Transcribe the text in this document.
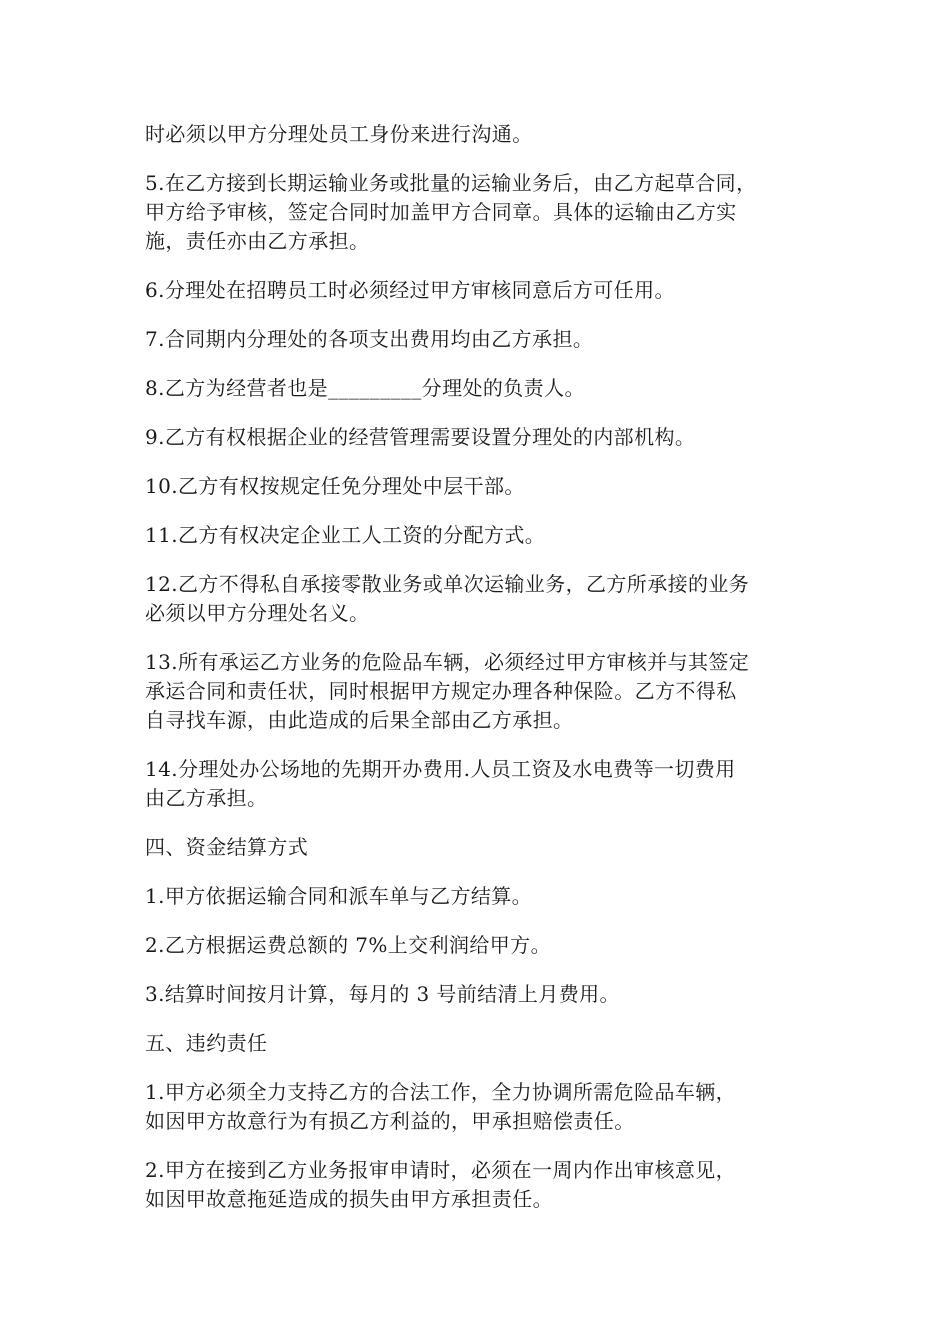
时必须以甲方分理处员工身份来进行沟通。

5.在乙方接到长期运输业务或批量的运输业务后，由乙方起草合同，
甲方给予审核，签定合同时加盖甲方合同章。具体的运输由乙方实
施，责任亦由乙方承担。

6.分理处在招聘员工时必须经过甲方审核同意后方可任用。

7.合同期内分理处的各项支出费用均由乙方承担。

8.乙方为经营者也是_________分理处的负责人。

9.乙方有权根据企业的经营管理需要设置分理处的内部机构。

10.乙方有权按规定任免分理处中层干部。

11.乙方有权决定企业工人工资的分配方式。

12.乙方不得私自承接零散业务或单次运输业务，乙方所承接的业务
必须以甲方分理处名义。

13.所有承运乙方业务的危险品车辆，必须经过甲方审核并与其签定
承运合同和责任状，同时根据甲方规定办理各种保险。乙方不得私
自寻找车源，由此造成的后果全部由乙方承担。

14.分理处办公场地的先期开办费用.人员工资及水电费等一切费用
由乙方承担。

四、资金结算方式

1.甲方依据运输合同和派车单与乙方结算。

2.乙方根据运费总额的 7%上交利润给甲方。

3.结算时间按月计算，每月的 3 号前结清上月费用。

五、违约责任

1.甲方必须全力支持乙方的合法工作，全力协调所需危险品车辆，
如因甲方故意行为有损乙方利益的，甲承担赔偿责任。

2.甲方在接到乙方业务报审申请时，必须在一周内作出审核意见，
如因甲故意拖延造成的损失由甲方承担责任。
